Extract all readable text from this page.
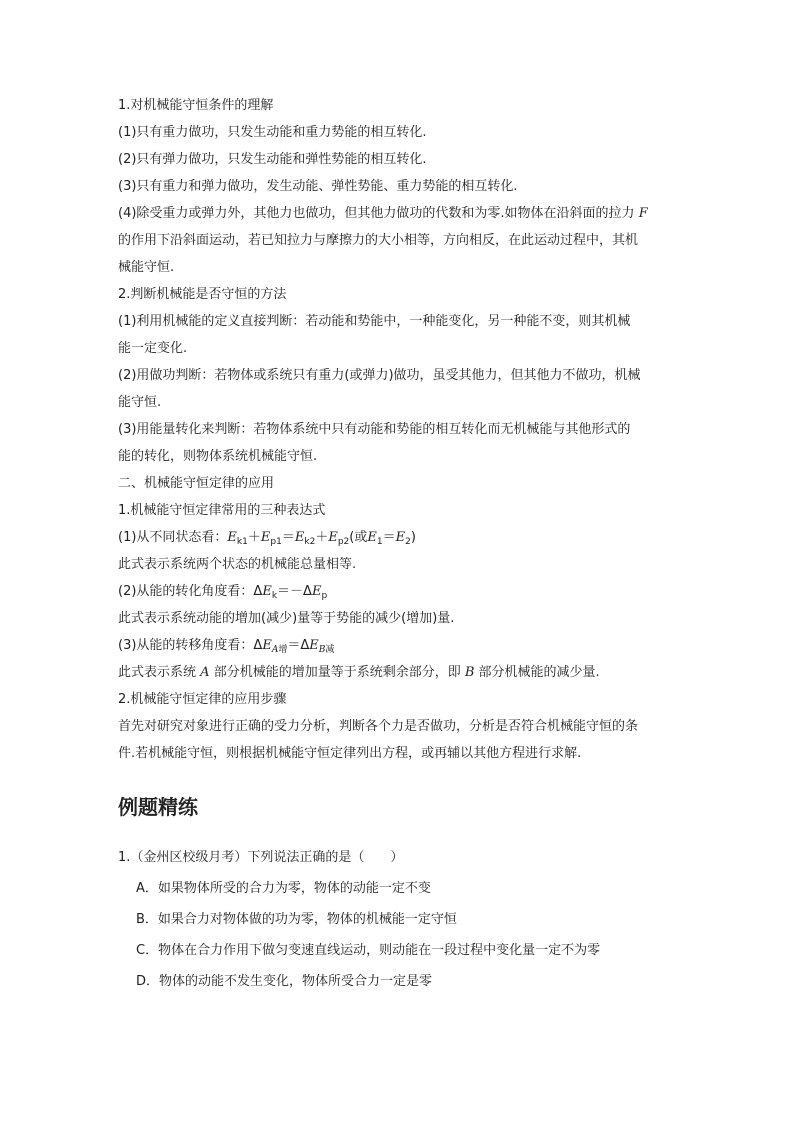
1.对机械能守恒条件的理解
(1)只有重力做功，只发生动能和重力势能的相互转化.
(2)只有弹力做功，只发生动能和弹性势能的相互转化.
(3)只有重力和弹力做功，发生动能、弹性势能、重力势能的相互转化.
(4)除受重力或弹力外，其他力也做功，但其他力做功的代数和为零.如物体在沿斜面的拉力 F
的作用下沿斜面运动，若已知拉力与摩擦力的大小相等，方向相反，在此运动过程中，其机
械能守恒.
2.判断机械能是否守恒的方法
(1)利用机械能的定义直接判断：若动能和势能中，一种能变化，另一种能不变，则其机械
能一定变化.
(2)用做功判断：若物体或系统只有重力(或弹力)做功，虽受其他力，但其他力不做功，机械
能守恒.
(3)用能量转化来判断：若物体系统中只有动能和势能的相互转化而无机械能与其他形式的
能的转化，则物体系统机械能守恒.
二、机械能守恒定律的应用
1.机械能守恒定律常用的三种表达式
(1)从不同状态看：$E_{k1}+E_{p1}=E_{k2}+E_{p2}$(或$E_1=E_2$)
此式表示系统两个状态的机械能总量相等.
(2)从能的转化角度看：$\Delta E_k=-\Delta E_p$
此式表示系统动能的增加(减少)量等于势能的减少(增加)量.
(3)从能的转移角度看：$\Delta E_{A增}=\Delta E_{B减}$
此式表示系统 A 部分机械能的增加量等于系统剩余部分，即 B 部分机械能的减少量.
2.机械能守恒定律的应用步骤
首先对研究对象进行正确的受力分析，判断各个力是否做功，分析是否符合机械能守恒的条
件.若机械能守恒，则根据机械能守恒定律列出方程，或再辅以其他方程进行求解.
例题精练
1.（金州区校级月考）下列说法正确的是（　　）
A．如果物体所受的合力为零，物体的动能一定不变
B．如果合力对物体做的功为零，物体的机械能一定守恒
C．物体在合力作用下做匀变速直线运动，则动能在一段过程中变化量一定不为零
D．物体的动能不发生变化，物体所受合力一定是零
